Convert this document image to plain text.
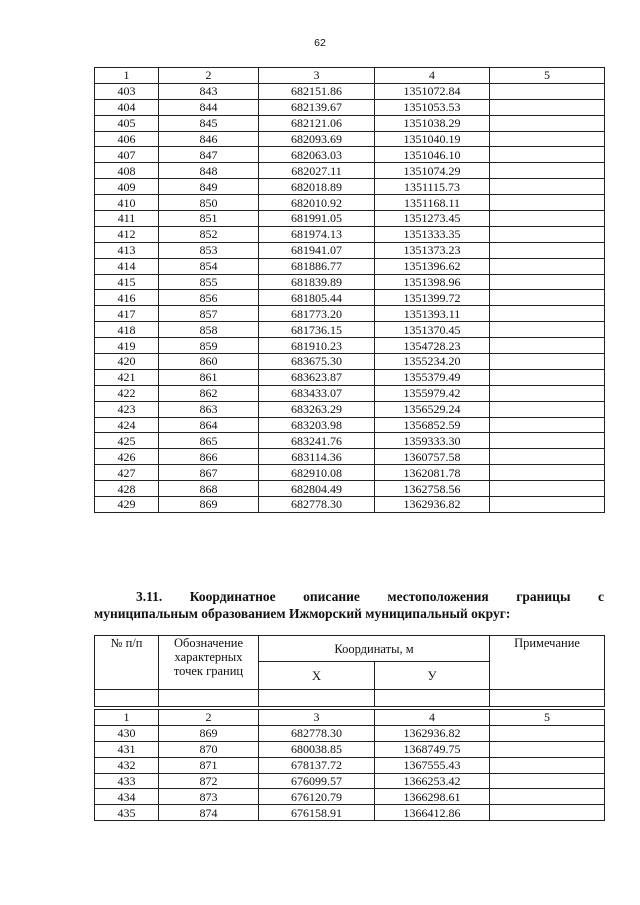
62
1	2	3	4	5
403	843	682151.86	1351072.84	
404	844	682139.67	1351053.53	
405	845	682121.06	1351038.29	
406	846	682093.69	1351040.19	
407	847	682063.03	1351046.10	
408	848	682027.11	1351074.29	
409	849	682018.89	1351115.73	
410	850	682010.92	1351168.11	
411	851	681991.05	1351273.45	
412	852	681974.13	1351333.35	
413	853	681941.07	1351373.23	
414	854	681886.77	1351396.62	
415	855	681839.89	1351398.96	
416	856	681805.44	1351399.72	
417	857	681773.20	1351393.11	
418	858	681736.15	1351370.45	
419	859	681910.23	1354728.23	
420	860	683675.30	1355234.20	
421	861	683623.87	1355379.49	
422	862	683433.07	1355979.42	
423	863	683263.29	1356529.24	
424	864	683203.98	1356852.59	
425	865	683241.76	1359333.30	
426	866	683114.36	1360757.58	
427	867	682910.08	1362081.78	
428	868	682804.49	1362758.56	
429	869	682778.30	1362936.82	
3.11. Координатное описание местоположения границы с
муниципальным образованием Ижморский муниципальный округ:
№ п/п	Обозначение характерных точек границ	Координаты, м		Примечание
		Х	У	

1	2	3	4	5
430	869	682778.30	1362936.82	
431	870	680038.85	1368749.75	
432	871	678137.72	1367555.43	
433	872	676099.57	1366253.42	
434	873	676120.79	1366298.61	
435	874	676158.91	1366412.86	
